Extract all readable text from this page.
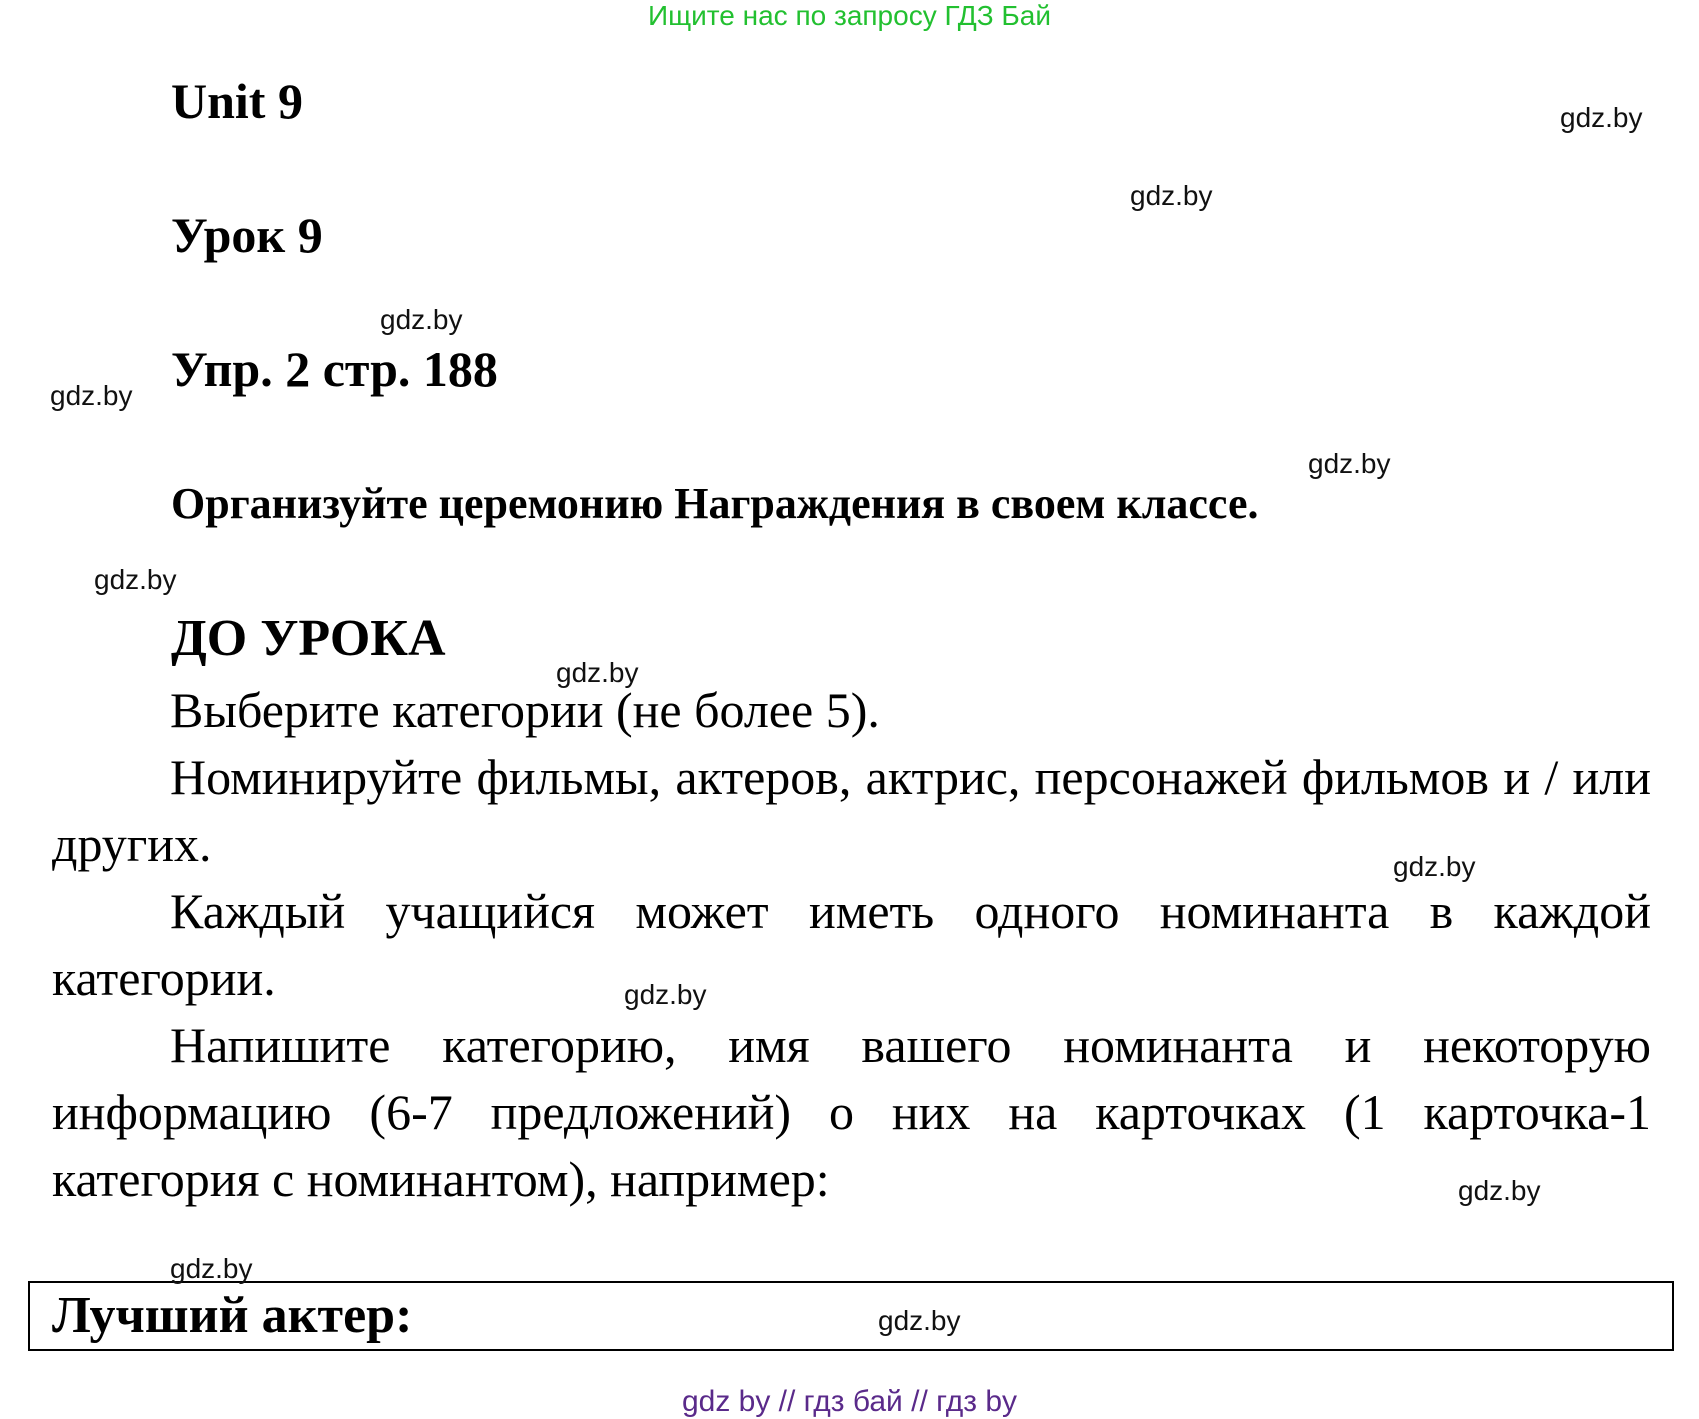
Ищите нас по запросу ГДЗ Бай
Unit 9
Урок 9
Упр. 2 стр. 188
Организуйте церемонию Награждения в своем классе.
ДО УРОКА
Выберите категории (не более 5).
Номинируйте фильмы, актеров, актрис, персонажей фильмов и / или других.
Каждый учащийся может иметь одного номинанта в каждой категории.
Напишите категорию, имя вашего номинанта и некоторую информацию (6-7 предложений) о них на карточках (1 карточка-1 категория с номинантом), например:
Лучший актер:
gdz.by
gdz.by
gdz.by
gdz.by
gdz.by
gdz.by
gdz.by
gdz.by
gdz.by
gdz.by
gdz.by
gdz.by
gdz by // гдз бай // гдз by
